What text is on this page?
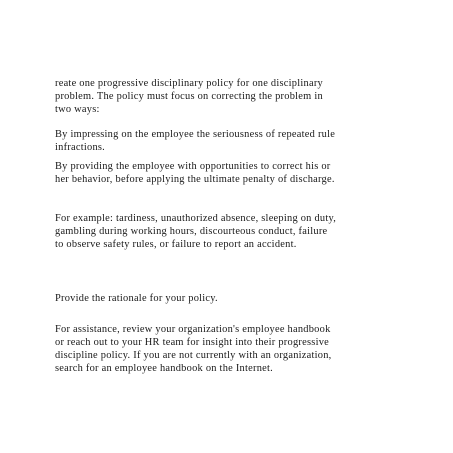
reate one progressive disciplinary policy for one disciplinary
problem. The policy must focus on correcting the problem in
two ways:

By impressing on the employee the seriousness of repeated rule
infractions.

By providing the employee with opportunities to correct his or
her behavior, before applying the ultimate penalty of discharge.

For example: tardiness, unauthorized absence, sleeping on duty,
gambling during working hours, discourteous conduct, failure
to observe safety rules, or failure to report an accident.

Provide the rationale for your policy.

For assistance, review your organization's employee handbook
or reach out to your HR team for insight into their progressive
discipline policy. If you are not currently with an organization,
search for an employee handbook on the Internet.
